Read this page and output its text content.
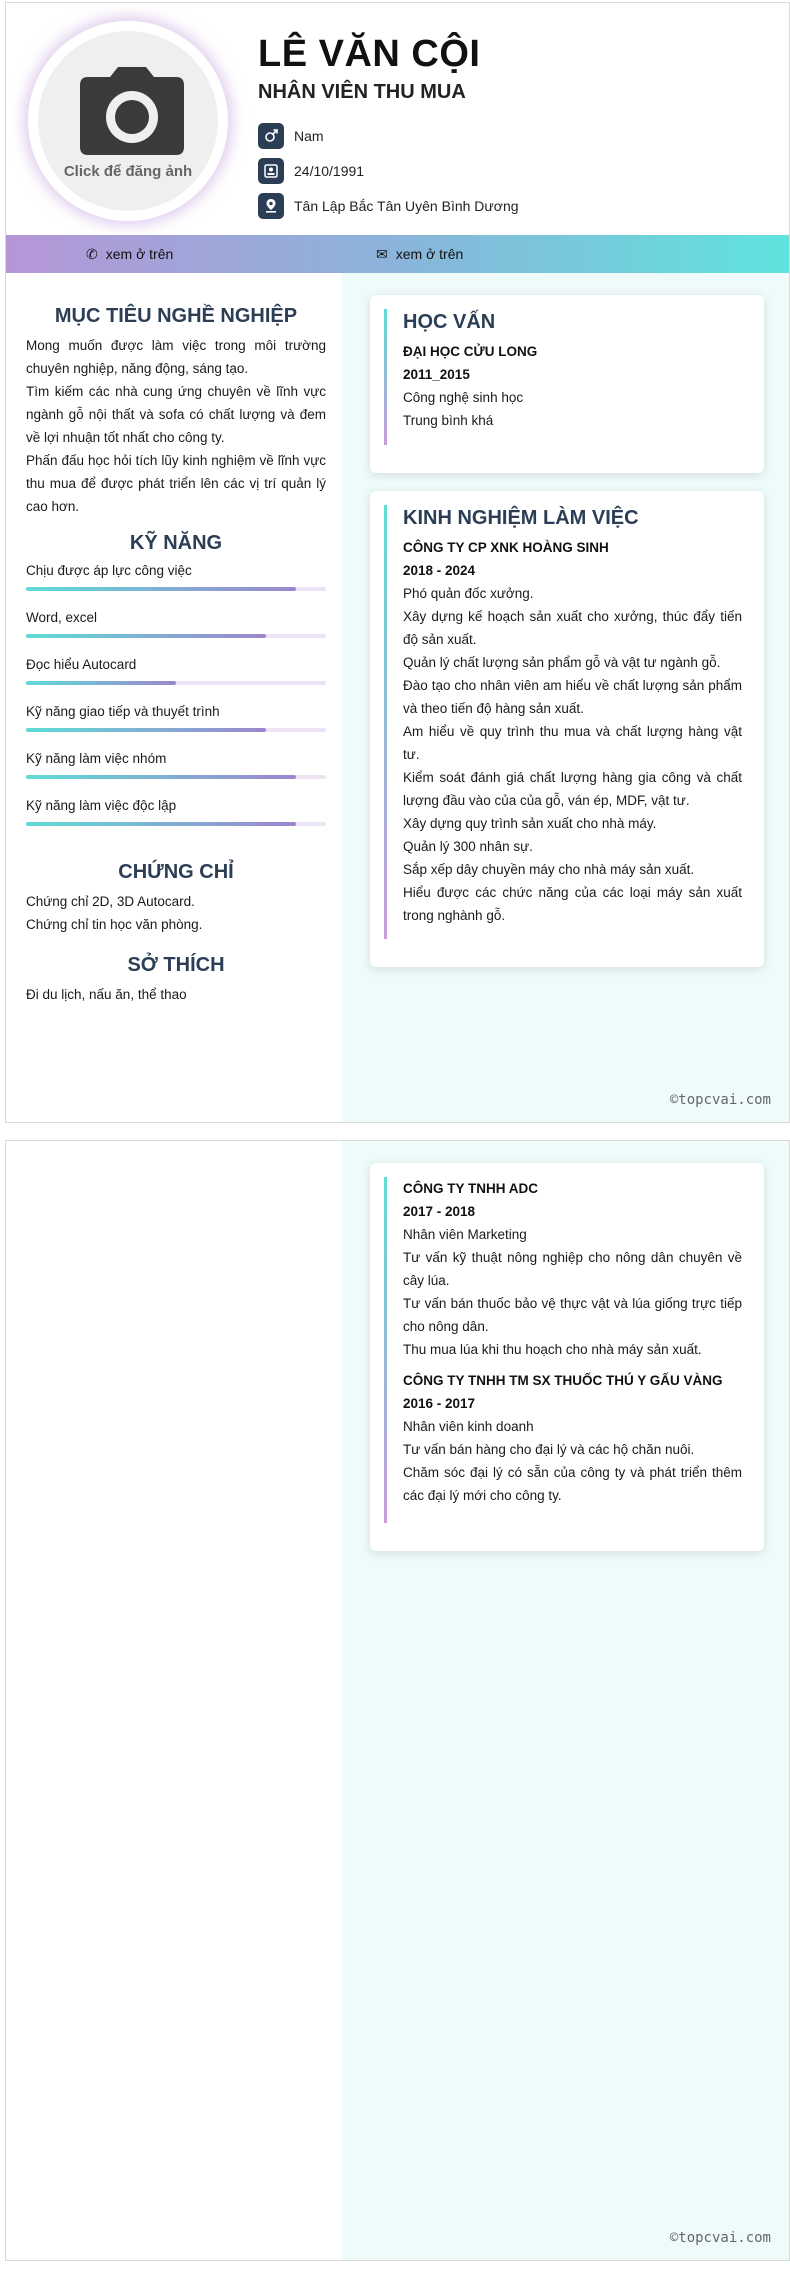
Click để đăng ảnh
LÊ VĂN CỘI
NHÂN VIÊN THU MUA
Nam
24/10/1991
Tân Lập Bắc Tân Uyên Bình Dương
✆ xem ở trên	✉ xem ở trên
MỤC TIÊU NGHỀ NGHIỆP
Mong muốn được làm việc trong môi trường chuyên nghiệp, năng động, sáng tạo.
Tìm kiếm các nhà cung ứng chuyên về lĩnh vực ngành gỗ nội thất và sofa có chất lượng và đem về lợi nhuận tốt nhất cho công ty.
Phấn đấu học hỏi tích lũy kinh nghiệm về lĩnh vực thu mua để được phát triển lên các vị trí quản lý cao hơn.
KỸ NĂNG
Chịu được áp lực công việc
Word, excel
Đọc hiểu Autocard
Kỹ năng giao tiếp và thuyết trình
Kỹ năng làm việc nhóm
Kỹ năng làm việc độc lập
CHỨNG CHỈ
Chứng chỉ 2D, 3D Autocard.
Chứng chỉ tin học văn phòng.
SỞ THÍCH
Đi du lịch, nấu ăn, thể thao
HỌC VẤN
ĐẠI HỌC CỬU LONG
2011_2015
Công nghệ sinh học
Trung bình khá
KINH NGHIỆM LÀM VIỆC
CÔNG TY CP XNK HOÀNG SINH
2018 - 2024
Phó quản đốc xưởng.
Xây dựng kế hoạch sản xuất cho xưởng, thúc đẩy tiến độ sản xuất.
Quản lý chất lượng sản phẩm gỗ và vật tư ngành gỗ.
Đào tạo cho nhân viên am hiểu về chất lượng sản phẩm và theo tiến độ hàng sản xuất.
Am hiểu về quy trình thu mua và chất lượng hàng vật tư.
Kiểm soát đánh giá chất lượng hàng gia công và chất lượng đầu vào của của gỗ, ván ép, MDF, vật tư.
Xây dựng quy trình sản xuất cho nhà máy.
Quản lý 300 nhân sự.
Sắp xếp dây chuyền máy cho nhà máy sản xuất.
Hiểu được các chức năng của các loại máy sản xuất trong nghành gỗ.
©topcvai.com
CÔNG TY TNHH ADC
2017 - 2018
Nhân viên Marketing
Tư vấn kỹ thuật nông nghiệp cho nông dân chuyên về cây lúa.
Tư vấn bán thuốc bảo vệ thực vật và lúa giống trực tiếp cho nông dân.
Thu mua lúa khi thu hoạch cho nhà máy sản xuất.
CÔNG TY TNHH TM SX THUỐC THÚ Y GẤU VÀNG
2016 - 2017
Nhân viên kinh doanh
Tư vấn bán hàng cho đại lý và các hộ chăn nuôi.
Chăm sóc đại lý có sẵn của công ty và phát triển thêm các đại lý mới cho công ty.
©topcvai.com
